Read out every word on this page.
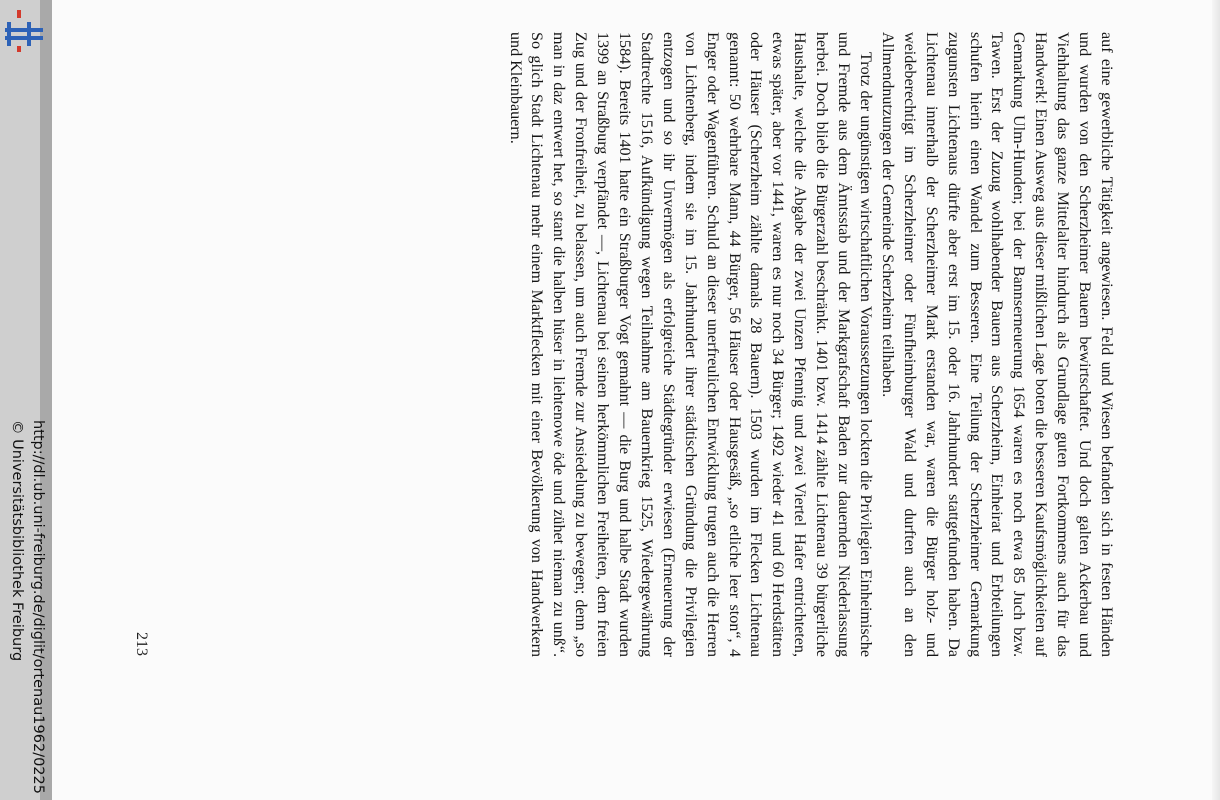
http://dl.ub.uni-freiburg.de/diglit/ortenau1962/0225
© Universitätsbibliothek Freiburg	auf eine gewerbliche Tätigkeit angewiesen. Feld und Wiesen befanden sich in festen Händen und wurden von den Scherzheimer Bauern bewirtschaftet. Und doch galten Ackerbau und Viehhaltung das ganze Mittelalter hindurch als Grundlage guten Fortkommens auch für das Handwerk! Einen Ausweg aus dieser mißlichen Lage boten die besseren Kaufsmöglichkeiten auf Gemarkung Ulm-Hunden; bei der Bannserneuerung 1654 waren es noch etwa 85 Juch bzw. Tawen. Erst der Zuzug wohlhabender Bauern aus Scherzheim, Einheirat und Erbteilungen schufen hierin einen Wandel zum Besseren. Eine Teilung der Scherzheimer Gemarkung zugunsten Lichtenaus dürfte aber erst im 15. oder 16. Jahrhundert stattgefunden haben. Da Lichtenau innerhalb der Scherzheimer Mark erstanden war, waren die Bürger holz- und weideberechtigt im Scherzheimer oder Fünfheimburger Wald und durften auch an den Allmendnutzungen der Gemeinde Scherzheim teilhaben.

Trotz der ungünstigen wirtschaftlichen Voraussetzungen lockten die Privilegien Einheimische und Fremde aus dem Ämtsstab und der Markgrafschaft Baden zur dauernden Niederlassung herbei. Doch blieb die Bürgerzahl beschränkt. 1401 bzw. 1414 zählte Lichtenau 39 bürgerliche Haushalte, welche die Abgabe der zwei Unzen Pfennig und zwei Viertel Hafer entrichteten, etwas später, aber vor 1441, waren es nur noch 34 Bürger; 1492 wieder 41 und 60 Herdstätten oder Häuser (Scherzheim zählte damals 28 Bauern). 1503 wurden im Flecken Lichtenau genannt: 50 wehrbare Mann, 44 Bürger, 56 Häuser oder Hausgesäß, „so etliche leer ston“, 4 Enger oder Wagenführen. Schuld an dieser unerfreulichen Entwicklung trugen auch die Herren von Lichtenberg, indem sie im 15. Jahrhundert ihrer städtischen Gründung die Privilegien entzogen und so ihr Unvermögen als erfolgreiche Städtegründer erwiesen (Erneuerung der Stadtrechte 1516, Aufkündigung wegen Teilnahme am Bauernkrieg 1525, Wiedergewährung 1584). Bereits 1401 hatte ein Straßburger Vogt gemahnt — die Burg und halbe Stadt wurden 1399 an Straßburg verpfändet —, Lichtenau bei seinen herkömmlichen Freiheiten, dem freien Zug und der Fronfreiheit, zu belassen, um auch Fremde zur Ansiedelung zu bewegen; denn „so man in daz entwert het, so stant die halben hüser in liehtenowe öde und zühet nieman zu unß“. So glich Stadt Lichtenau mehr einem Marktflecken mit einer Bevölkerung von Handwerkern und Kleinbauern.

213
